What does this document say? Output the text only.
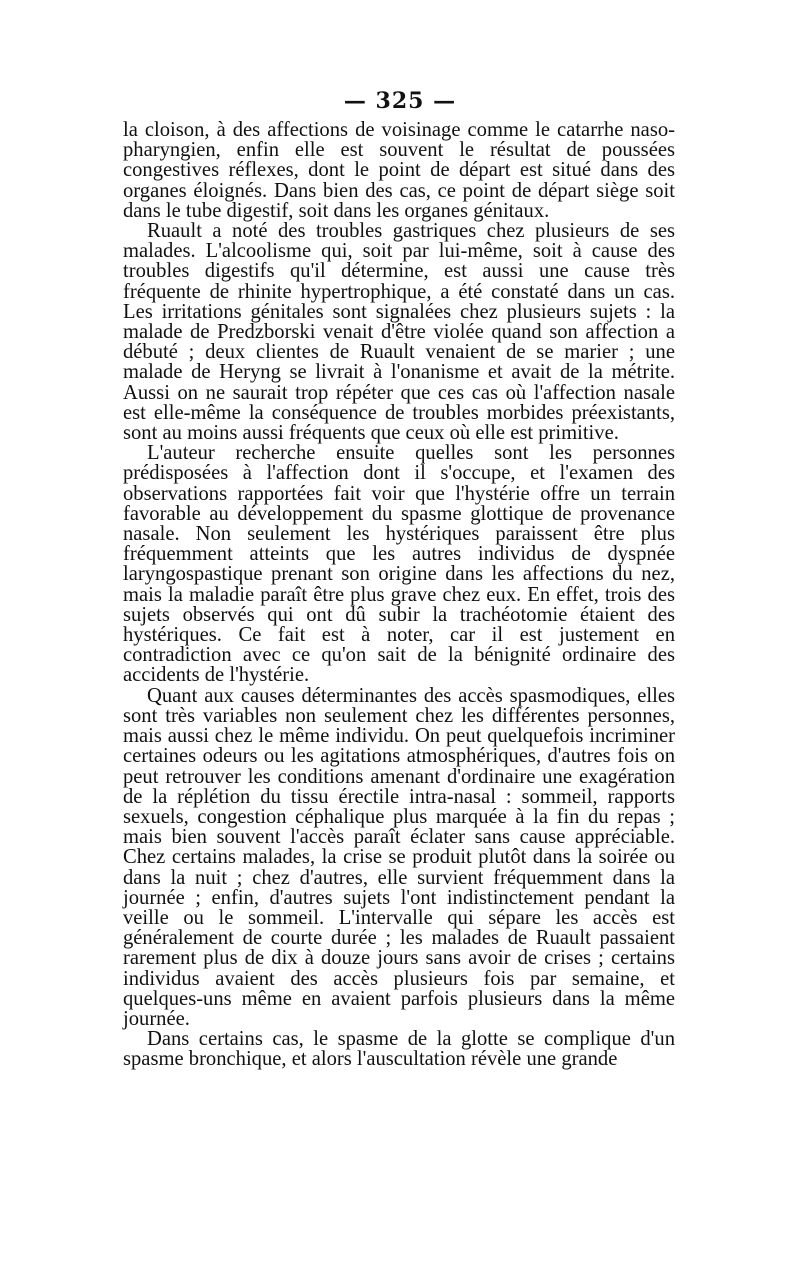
— 325 —

la cloison, à des affections de voisinage comme le catarrhe naso-pharyngien, enfin elle est souvent le résultat de poussées congestives réflexes, dont le point de départ est situé dans des organes éloignés. Dans bien des cas, ce point de départ siège soit dans le tube digestif, soit dans les organes génitaux.

Ruault a noté des troubles gastriques chez plusieurs de ses malades. L'alcoolisme qui, soit par lui-même, soit à cause des troubles digestifs qu'il détermine, est aussi une cause très fréquente de rhinite hypertrophique, a été constaté dans un cas. Les irritations génitales sont signalées chez plusieurs sujets : la malade de Predzborski venait d'être violée quand son affection a débuté ; deux clientes de Ruault venaient de se marier ; une malade de Heryng se livrait à l'onanisme et avait de la métrite. Aussi on ne saurait trop répéter que ces cas où l'affection nasale est elle-même la conséquence de troubles morbides préexistants, sont au moins aussi fréquents que ceux où elle est primitive.

L'auteur recherche ensuite quelles sont les personnes prédisposées à l'affection dont il s'occupe, et l'examen des observations rapportées fait voir que l'hystérie offre un terrain favorable au développement du spasme glottique de provenance nasale. Non seulement les hystériques paraissent être plus fréquemment atteints que les autres individus de dyspnée laryngospastique prenant son origine dans les affections du nez, mais la maladie paraît être plus grave chez eux. En effet, trois des sujets observés qui ont dû subir la trachéotomie étaient des hystériques. Ce fait est à noter, car il est justement en contradiction avec ce qu'on sait de la bénignité ordinaire des accidents de l'hystérie.

Quant aux causes déterminantes des accès spasmodiques, elles sont très variables non seulement chez les différentes personnes, mais aussi chez le même individu. On peut quelquefois incriminer certaines odeurs ou les agitations atmosphériques, d'autres fois on peut retrouver les conditions amenant d'ordinaire une exagération de la réplétion du tissu érectile intra-nasal : sommeil, rapports sexuels, congestion céphalique plus marquée à la fin du repas ; mais bien souvent l'accès paraît éclater sans cause appréciable. Chez certains malades, la crise se produit plutôt dans la soirée ou dans la nuit ; chez d'autres, elle survient fréquemment dans la journée ; enfin, d'autres sujets l'ont indistinctement pendant la veille ou le sommeil. L'intervalle qui sépare les accès est généralement de courte durée ; les malades de Ruault passaient rarement plus de dix à douze jours sans avoir de crises ; certains individus avaient des accès plusieurs fois par semaine, et quelques-uns même en avaient parfois plusieurs dans la même journée.

Dans certains cas, le spasme de la glotte se complique d'un spasme bronchique, et alors l'auscultation révèle une grande
